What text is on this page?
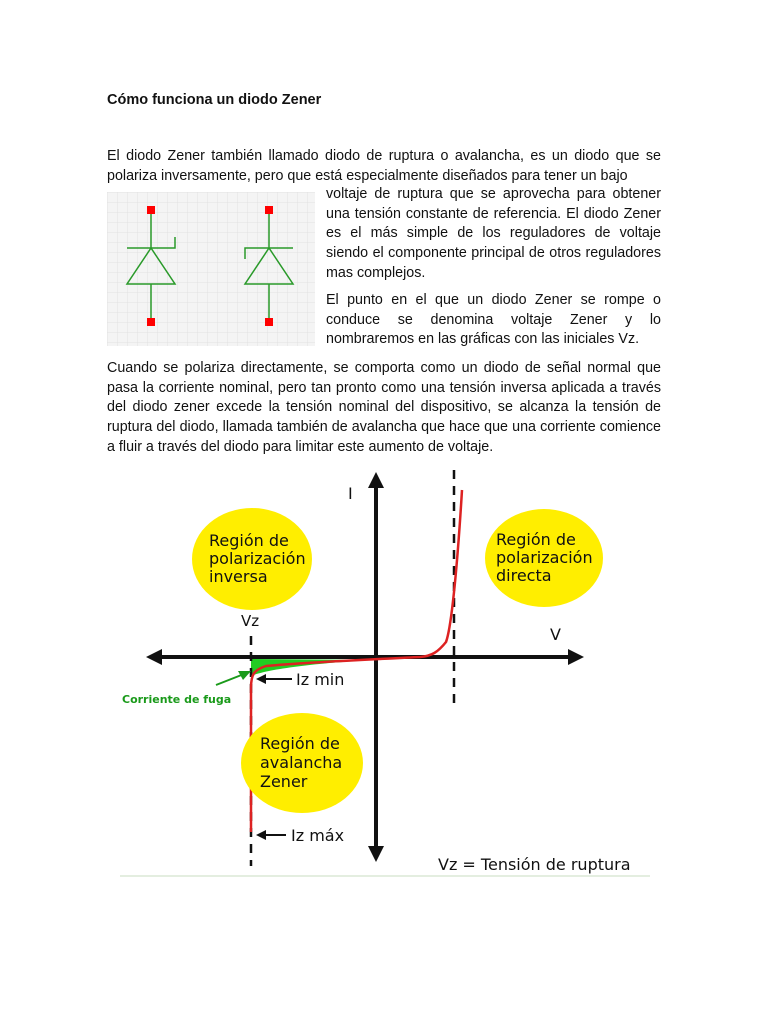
Cómo funciona un diodo Zener
El diodo Zener también llamado diodo de ruptura o avalancha, es un diodo que se polariza inversamente, pero que está especialmente diseñados para tener un bajo
voltaje de ruptura que se aprovecha para obtener una tensión constante de referencia. El diodo Zener es el más simple de los reguladores de voltaje siendo el componente principal de otros reguladores mas complejos.
El punto en el que un diodo Zener se rompe o conduce se denomina voltaje Zener y lo nombraremos en las gráficas con las iniciales Vz.
Cuando se polariza directamente, se comporta como un diodo de señal normal que pasa la corriente nominal, pero tan pronto como una tensión inversa aplicada a través del diodo zener excede la tensión nominal del dispositivo, se alcanza la tensión de ruptura del diodo, llamada también de avalancha que hace que una corriente comience a fluir a través del diodo para limitar este aumento de voltaje.
Región de
polarización
inversa
Región de
polarización
directa
Región de
avalancha
Zener
I
V
Vz
Iz min
Iz máx
Corriente de fuga
Vz = Tensión de ruptura
